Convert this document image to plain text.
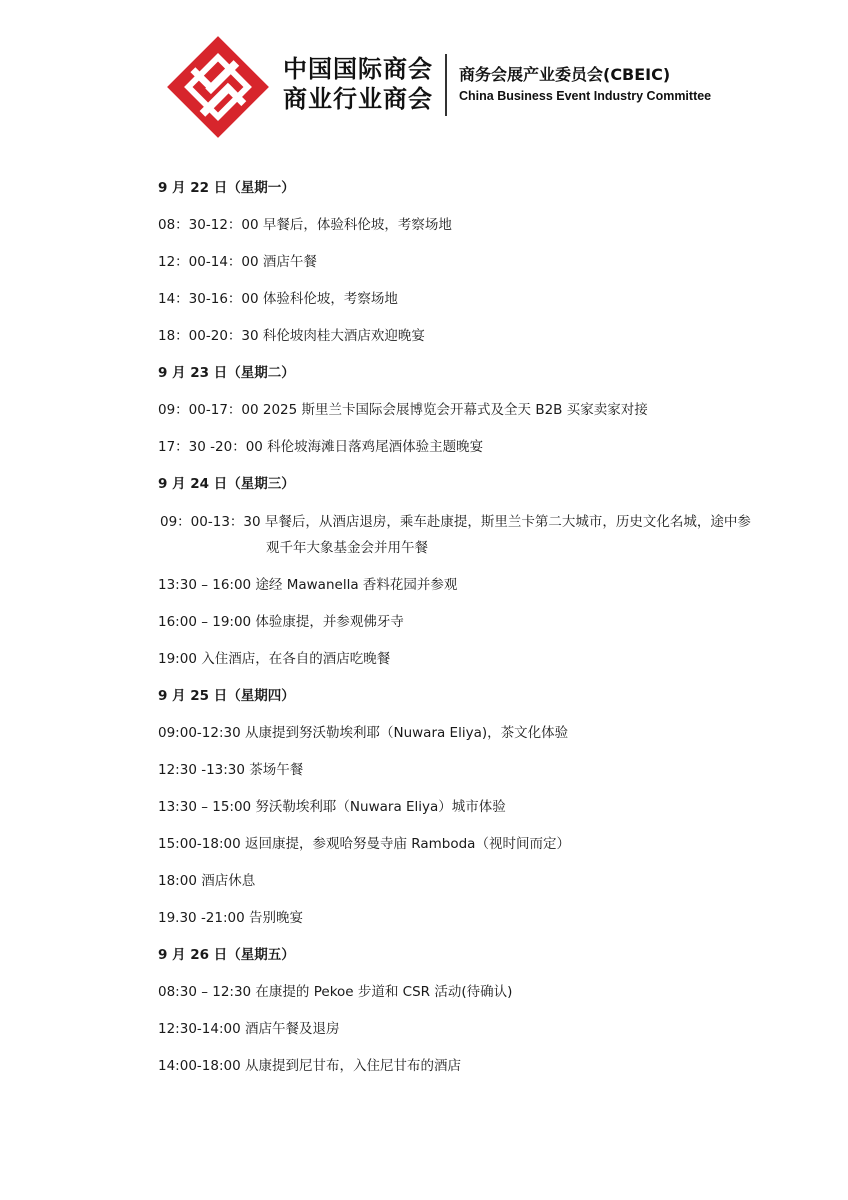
中国国际商会
商业行业商会
商务会展产业委员会(CBEIC)
China Business Event Industry Committee
9 月 22 日（星期一）
08：30-12：00 早餐后，体验科伦坡，考察场地
12：00-14：00 酒店午餐
14：30-16：00 体验科伦坡，考察场地
18：00-20：30 科伦坡肉桂大酒店欢迎晚宴
9 月 23 日（星期二）
09：00-17：00 2025 斯里兰卡国际会展博览会开幕式及全天 B2B 买家卖家对接
17：30 -20：00 科伦坡海滩日落鸡尾酒体验主题晚宴
9 月 24 日（星期三）
09：00-13：30 早餐后，从酒店退房，乘车赴康提，斯里兰卡第二大城市，历史文化名城，途中参观千年大象基金会并用午餐
13:30 – 16:00 途经 Mawanella 香料花园并参观
16:00 – 19:00 体验康提，并参观佛牙寺
19:00 入住酒店，在各自的酒店吃晚餐
9 月 25 日（星期四）
09:00-12:30 从康提到努沃勒埃利耶（Nuwara Eliya)，茶文化体验
12:30 -13:30 茶场午餐
13:30 – 15:00 努沃勒埃利耶（Nuwara Eliya）城市体验
15:00-18:00 返回康提，参观哈努曼寺庙 Ramboda（视时间而定）
18:00 酒店休息
19.30 -21:00 告别晚宴
9 月 26 日（星期五）
08:30 – 12:30 在康提的 Pekoe 步道和 CSR 活动(待确认)
12:30-14:00 酒店午餐及退房
14:00-18:00 从康提到尼甘布，入住尼甘布的酒店
